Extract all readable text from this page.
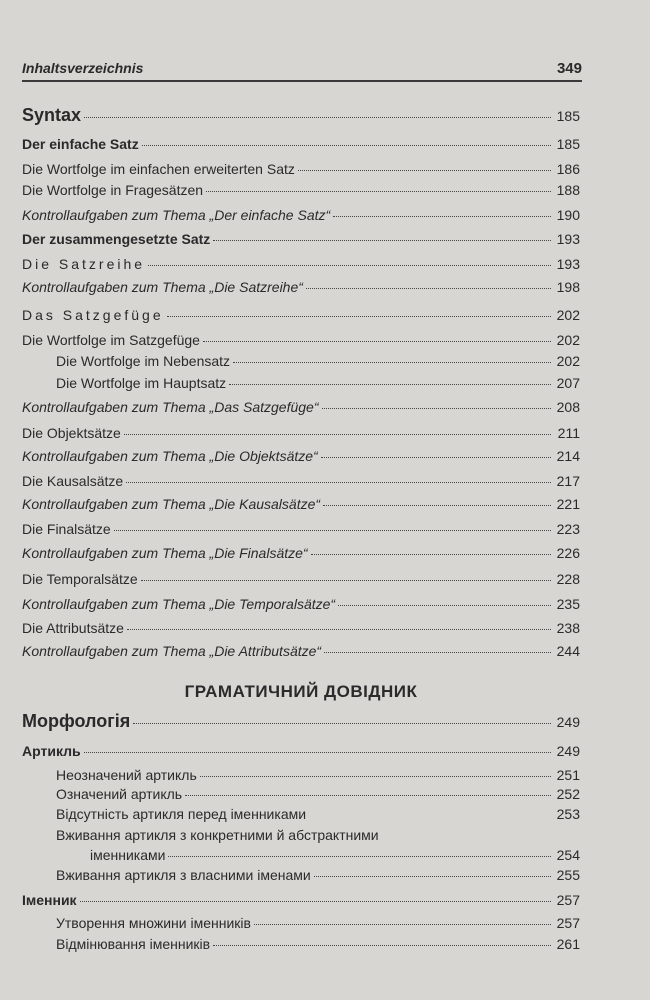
Inhaltsverzeichnis	349
Syntax	185
Der einfache Satz	185
Die Wortfolge im einfachen erweiterten Satz	186
Die Wortfolge in Fragesätzen	188
Kontrollaufgaben zum Thema „Der einfache Satz“	190
Der zusammengesetzte Satz	193
Die Satzreihe	193
Kontrollaufgaben zum Thema „Die Satzreihe“	198
Das Satzgefüge	202
Die Wortfolge im Satzgefüge	202
Die Wortfolge im Nebensatz	202
Die Wortfolge im Hauptsatz	207
Kontrollaufgaben zum Thema „Das Satzgefüge“	208
Die Objektsätze	211
Kontrollaufgaben zum Thema „Die Objektsätze“	214
Die Kausalsätze	217
Kontrollaufgaben zum Thema „Die Kausalsätze“	221
Die Finalsätze	223
Kontrollaufgaben zum Thema „Die Finalsätze“	226
Die Temporalsätze	228
Kontrollaufgaben zum Thema „Die Temporalsätze“	235
Die Attributsätze	238
Kontrollaufgaben zum Thema „Die Attributsätze“	244
ГРАМАТИЧНИЙ ДОВІДНИК
Морфологія	249
Артикль	249
Неозначений артикль	251
Означений артикль	252
Відсутність артикля перед іменниками	253
Вживання артикля з конкретними й абстрактними
іменниками	254
Вживання артикля з власними іменами	255
Іменник	257
Утворення множини іменників	257
Відмінювання іменників	261
